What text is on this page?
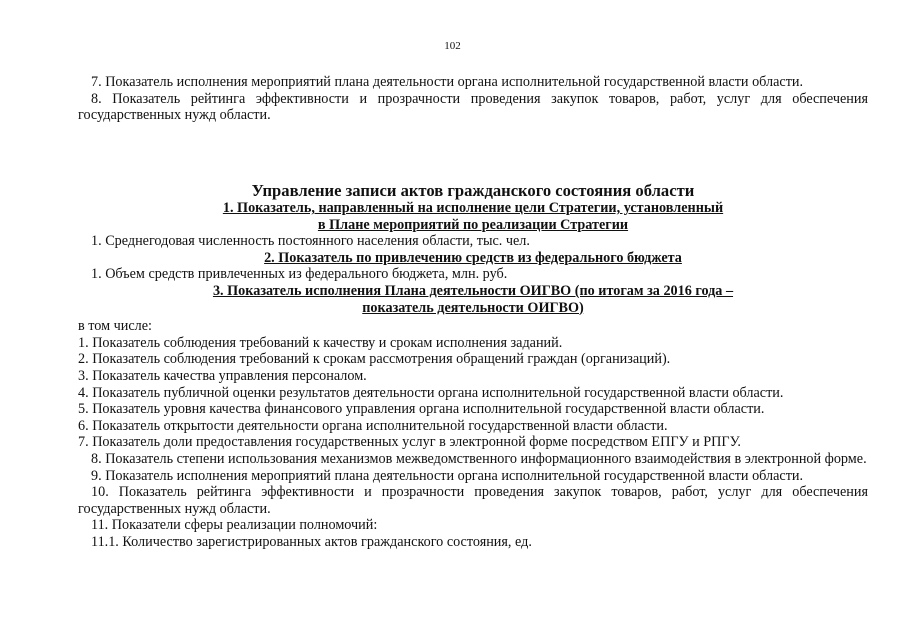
102

7. Показатель исполнения мероприятий плана деятельности органа исполнительной государственной власти области.

8. Показатель рейтинга эффективности и прозрачности проведения закупок товаров, работ, услуг для обеспечения государственных нужд области.

Управление записи актов гражданского состояния области

1. Показатель, направленный на исполнение цели Стратегии, установленный

в Плане мероприятий по реализации Стратегии

1. Среднегодовая численность постоянного населения области, тыс. чел.

2. Показатель по привлечению средств из федерального бюджета

1. Объем средств привлеченных из федерального бюджета, млн. руб.

3. Показатель исполнения Плана деятельности ОИГВО (по итогам за 2016 года –

показатель деятельности ОИГВО)

в том числе:

1. Показатель соблюдения требований к качеству и срокам исполнения заданий.

2. Показатель соблюдения требований к срокам рассмотрения обращений граждан (организаций).

3. Показатель качества управления персоналом.

4. Показатель публичной оценки результатов деятельности органа исполнительной государственной власти области.

5. Показатель уровня качества финансового управления органа исполнительной государственной власти области.

6. Показатель открытости деятельности органа исполнительной государственной власти области.

7. Показатель доли предоставления государственных услуг в электронной форме посредством ЕПГУ и РПГУ.

8. Показатель степени использования механизмов межведомственного информационного взаимодействия в электронной форме.

9. Показатель исполнения мероприятий плана деятельности органа исполнительной государственной власти области.

10. Показатель рейтинга эффективности и прозрачности проведения закупок товаров, работ, услуг для обеспечения государственных нужд области.

11. Показатели сферы реализации полномочий:

11.1. Количество зарегистрированных актов гражданского состояния, ед.
